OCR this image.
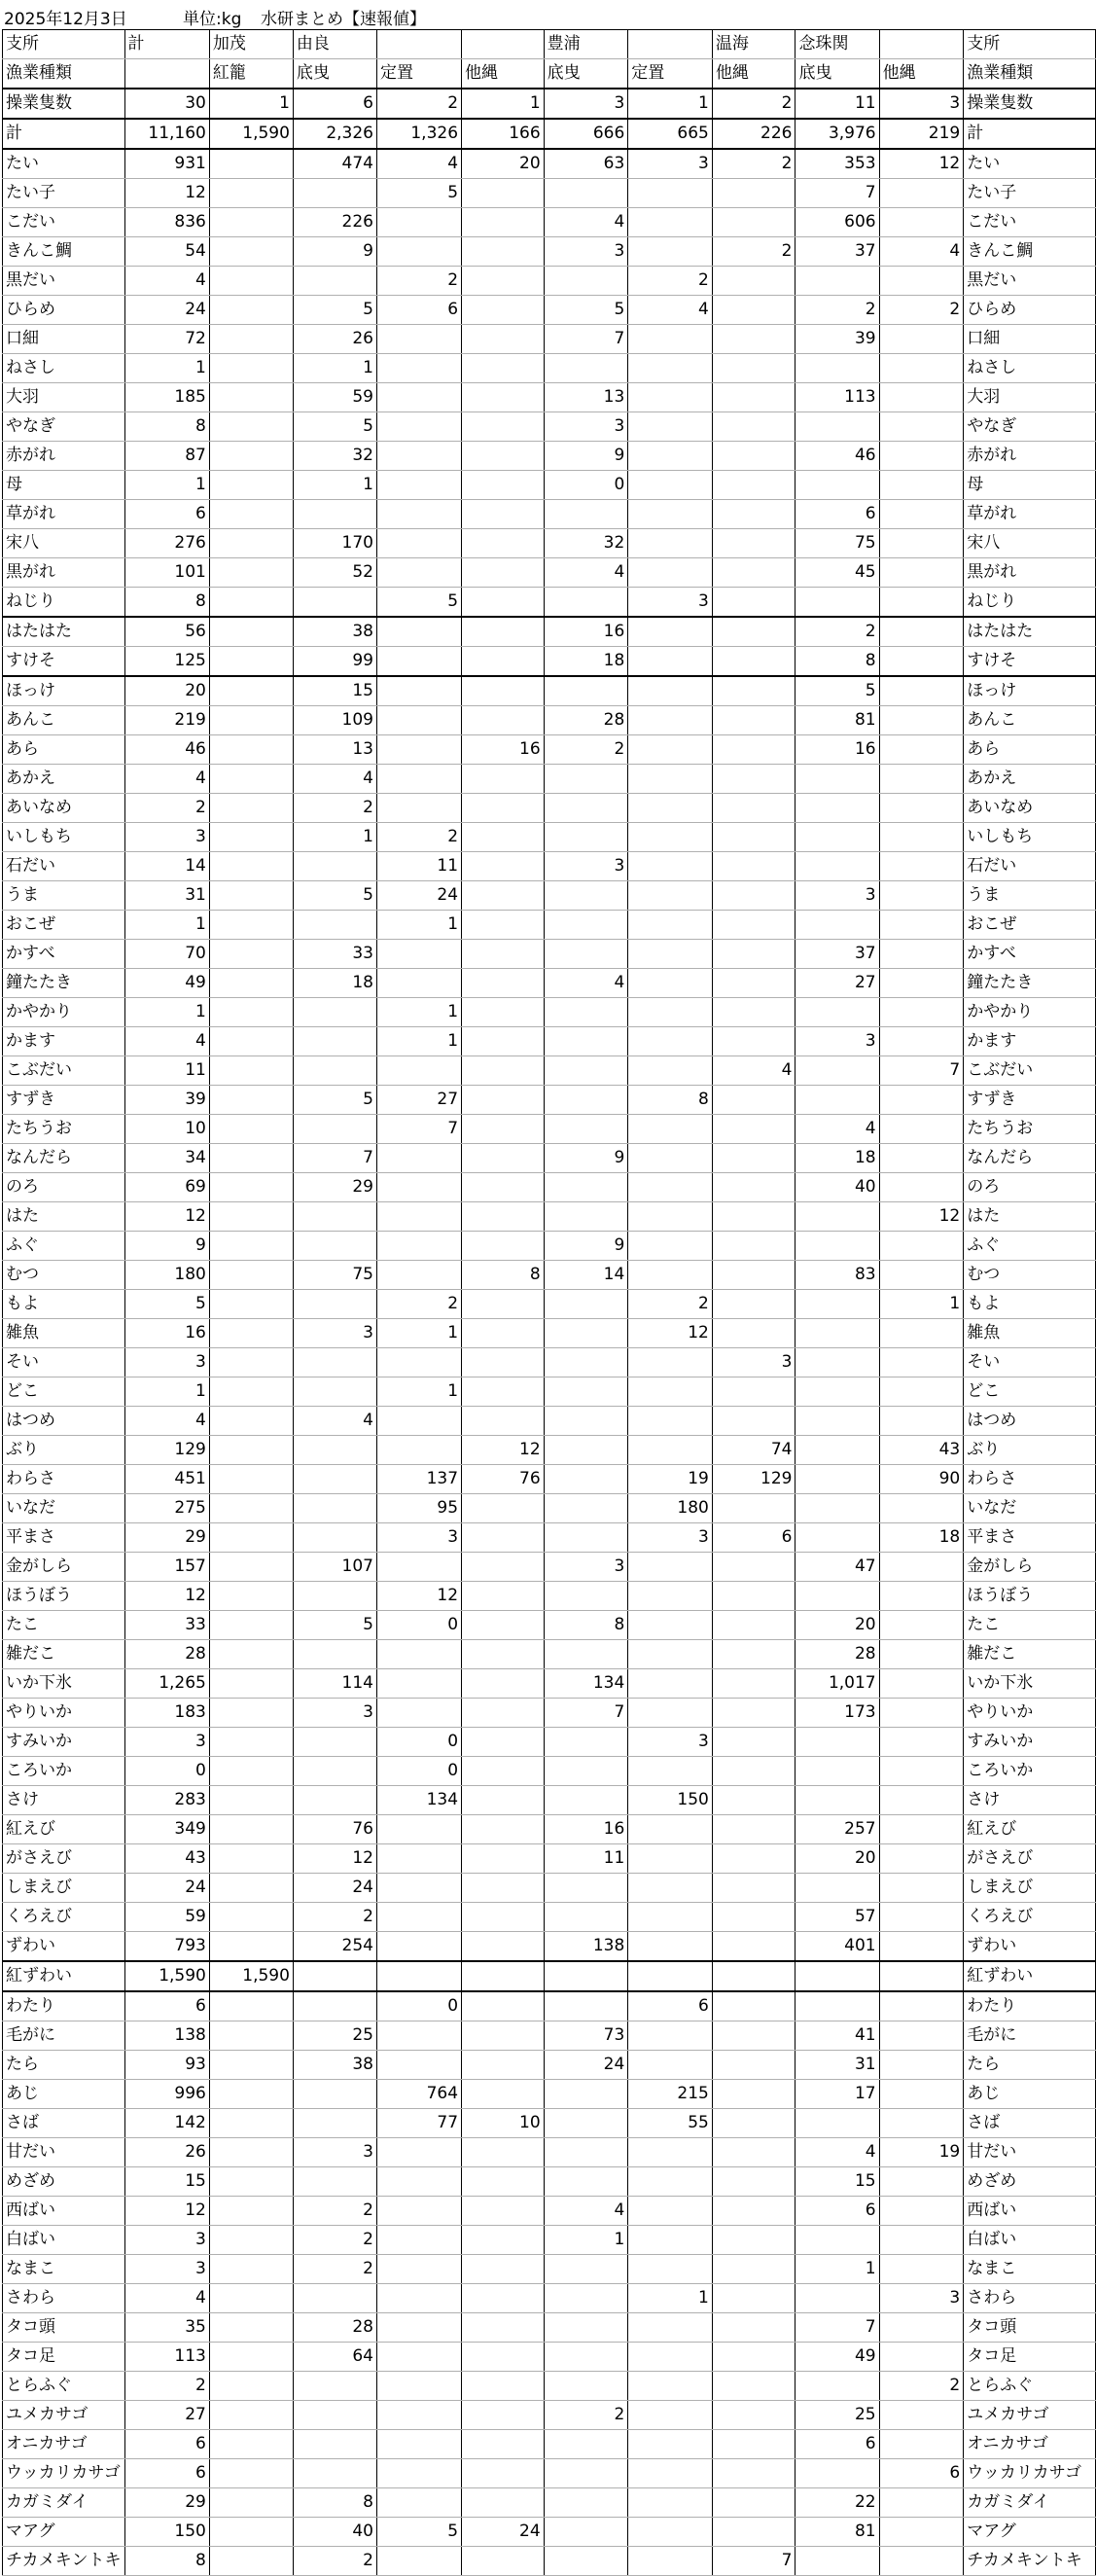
2025年12月3日	単位:kg 水研まとめ【速報値】
支所	計	加茂	由良			豊浦		温海	念珠関		支所
漁業種類		紅籠	底曳	定置	他縄	底曳	定置	他縄	底曳	他縄	漁業種類
操業隻数	30	1	6	2	1	3	1	2	11	3	操業隻数
計	11,160	1,590	2,326	1,326	166	666	665	226	3,976	219	計
たい	931		474	4	20	63	3	2	353	12	たい
たい子	12			5					7		たい子
こだい	836		226			4			606		こだい
きんこ鯛	54		9			3		2	37	4	きんこ鯛
黒だい	4			2			2				黒だい
ひらめ	24		5	6		5	4		2	2	ひらめ
口細	72		26			7			39		口細
ねさし	1		1								ねさし
大羽	185		59			13			113		大羽
やなぎ	8		5			3					やなぎ
赤がれ	87		32			9			46		赤がれ
母	1		1			0					母
草がれ	6								6		草がれ
宋八	276		170			32			75		宋八
黒がれ	101		52			4			45		黒がれ
ねじり	8			5			3				ねじり
はたはた	56		38			16			2		はたはた
すけそ	125		99			18			8		すけそ
ほっけ	20		15						5		ほっけ
あんこ	219		109			28			81		あんこ
あら	46		13		16	2			16		あら
あかえ	4		4								あかえ
あいなめ	2		2								あいなめ
いしもち	3		1	2							いしもち
石だい	14			11		3					石だい
うま	31		5	24					3		うま
おこぜ	1			1							おこぜ
かすべ	70		33						37		かすべ
鐘たたき	49		18			4			27		鐘たたき
かやかり	1			1							かやかり
かます	4			1					3		かます
こぶだい	11							4		7	こぶだい
すずき	39		5	27			8				すずき
たちうお	10			7					4		たちうお
なんだら	34		7			9			18		なんだら
のろ	69		29						40		のろ
はた	12									12	はた
ふぐ	9					9					ふぐ
むつ	180		75		8	14			83		むつ
もよ	5			2			2			1	もよ
雑魚	16		3	1			12				雑魚
そい	3							3			そい
どこ	1			1							どこ
はつめ	4		4								はつめ
ぶり	129				12			74		43	ぶり
わらさ	451			137	76		19	129		90	わらさ
いなだ	275			95			180				いなだ
平まさ	29			3			3	6		18	平まさ
金がしら	157		107			3			47		金がしら
ほうぼう	12			12							ほうぼう
たこ	33		5	0		8			20		たこ
雑だこ	28								28		雑だこ
いか下氷	1,265		114			134			1,017		いか下氷
やりいか	183		3			7			173		やりいか
すみいか	3			0			3				すみいか
ころいか	0			0							ころいか
さけ	283			134			150				さけ
紅えび	349		76			16			257		紅えび
がさえび	43		12			11			20		がさえび
しまえび	24		24								しまえび
くろえび	59		2						57		くろえび
ずわい	793		254			138			401		ずわい
紅ずわい	1,590	1,590									紅ずわい
わたり	6			0			6				わたり
毛がに	138		25			73			41		毛がに
たら	93		38			24			31		たら
あじ	996			764			215		17		あじ
さば	142			77	10		55				さば
甘だい	26		3						4	19	甘だい
めざめ	15								15		めざめ
西ばい	12		2			4			6		西ばい
白ばい	3		2			1					白ばい
なまこ	3		2						1		なまこ
さわら	4						1			3	さわら
タコ頭	35		28						7		タコ頭
タコ足	113		64						49		タコ足
とらふぐ	2									2	とらふぐ
ユメカサゴ	27					2			25		ユメカサゴ
オニカサゴ	6								6		オニカサゴ
ウッカリカサゴ	6									6	ウッカリカサゴ
カガミダイ	29		8						22		カガミダイ
マアグ	150		40	5	24				81		マアグ
チカメキントキ	8		2					7			チカメキントキ
